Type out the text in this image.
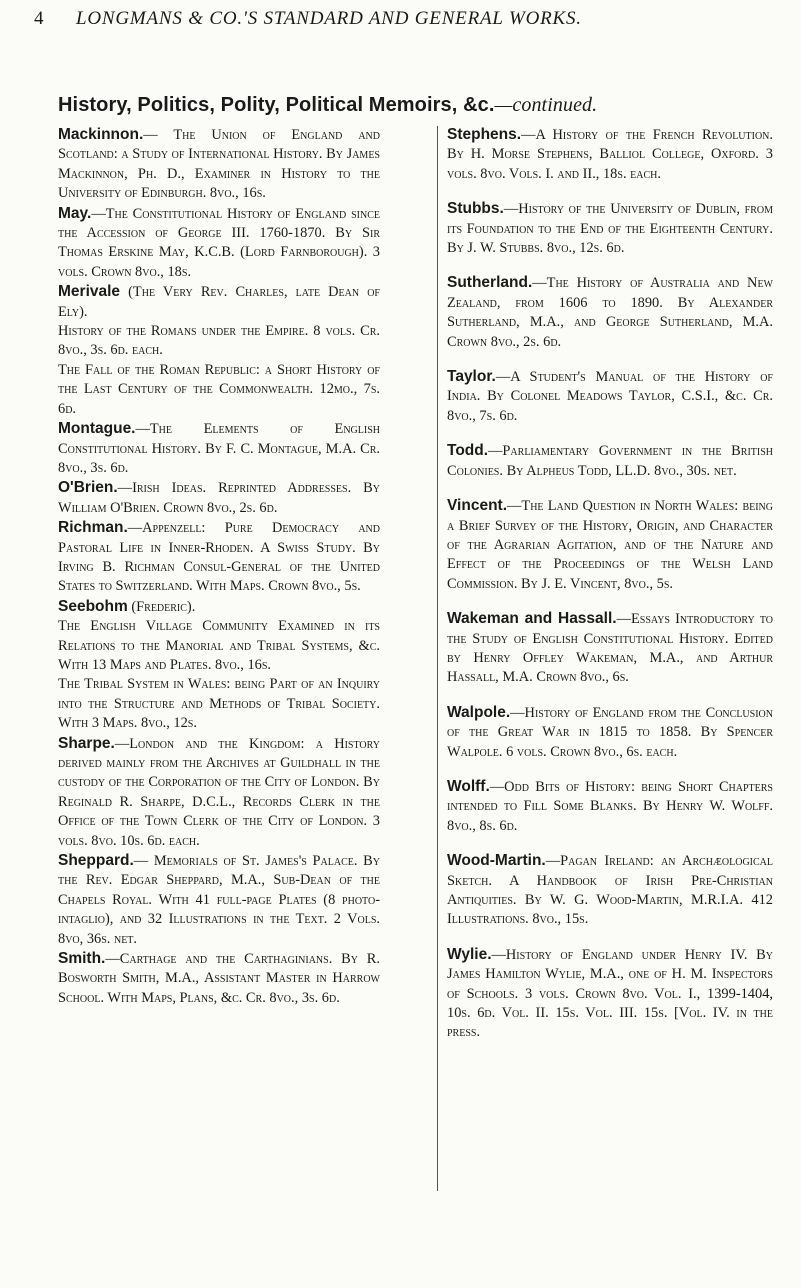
4 LONGMANS & CO.'S STANDARD AND GENERAL WORKS.
History, Politics, Polity, Political Memoirs, &c.—continued.

Mackinnon.— The Union of England and Scotland: a Study of International History. By James Mackinnon, Ph. D., Examiner in History to the University of Edinburgh. 8vo., 16s.

May.—The Constitutional History of England since the Accession of George III. 1760-1870. By Sir Thomas Erskine May, K.C.B. (Lord Farnborough). 3 vols. Crown 8vo., 18s.

Merivale (The Very Rev. Charles, late Dean of Ely).

History of the Romans under the Empire. 8 vols. Cr. 8vo., 3s. 6d. each.

The Fall of the Roman Republic: a Short History of the Last Century of the Commonwealth. 12mo., 7s. 6d.

Montague.—The Elements of English Constitutional History. By F. C. Montague, M.A. Cr. 8vo., 3s. 6d.

O'Brien.—Irish Ideas. Reprinted Addresses. By William O'Brien. Crown 8vo., 2s. 6d.

Richman.—Appenzell: Pure Democracy and Pastoral Life in Inner-Rhoden. A Swiss Study. By Irving B. Richman Consul-General of the United States to Switzerland. With Maps. Crown 8vo., 5s.

Seebohm (Frederic).

The English Village Community Examined in its Relations to the Manorial and Tribal Systems, &c. With 13 Maps and Plates. 8vo., 16s.

The Tribal System in Wales: being Part of an Inquiry into the Structure and Methods of Tribal Society. With 3 Maps. 8vo., 12s.

Sharpe.—London and the Kingdom: a History derived mainly from the Archives at Guildhall in the custody of the Corporation of the City of London. By Reginald R. Sharpe, D.C.L., Records Clerk in the Office of the Town Clerk of the City of London. 3 vols. 8vo. 10s. 6d. each.

Sheppard.— Memorials of St. James's Palace. By the Rev. Edgar Sheppard, M.A., Sub-Dean of the Chapels Royal. With 41 full-page Plates (8 photo-intaglio), and 32 Illustrations in the Text. 2 Vols. 8vo, 36s. net.

Smith.—Carthage and the Carthaginians. By R. Bosworth Smith, M.A., Assistant Master in Harrow School. With Maps, Plans, &c. Cr. 8vo., 3s. 6d.

Stephens.—A History of the French Revolution. By H. Morse Stephens, Balliol College, Oxford. 3 vols. 8vo. Vols. I. and II., 18s. each.

Stubbs.—History of the University of Dublin, from its Foundation to the End of the Eighteenth Century. By J. W. Stubbs. 8vo., 12s. 6d.

Sutherland.—The History of Australia and New Zealand, from 1606 to 1890. By Alexander Sutherland, M.A., and George Sutherland, M.A. Crown 8vo., 2s. 6d.

Taylor.—A Student's Manual of the History of India. By Colonel Meadows Taylor, C.S.I., &c. Cr. 8vo., 7s. 6d.

Todd.—Parliamentary Government in the British Colonies. By Alpheus Todd, LL.D. 8vo., 30s. net.

Vincent.—The Land Question in North Wales: being a Brief Survey of the History, Origin, and Character of the Agrarian Agitation, and of the Nature and Effect of the Proceedings of the Welsh Land Commission. By J. E. Vincent, 8vo., 5s.

Wakeman and Hassall.—Essays Introductory to the Study of English Constitutional History. Edited by Henry Offley Wakeman, M.A., and Arthur Hassall, M.A. Crown 8vo., 6s.

Walpole.—History of England from the Conclusion of the Great War in 1815 to 1858. By Spencer Walpole. 6 vols. Crown 8vo., 6s. each.

Wolff.—Odd Bits of History: being Short Chapters intended to Fill Some Blanks. By Henry W. Wolff. 8vo., 8s. 6d.

Wood-Martin.—Pagan Ireland: an Archæological Sketch. A Handbook of Irish Pre-Christian Antiquities. By W. G. Wood-Martin, M.R.I.A. 412 Illustrations. 8vo., 15s.

Wylie.—History of England under Henry IV. By James Hamilton Wylie, M.A., one of H. M. Inspectors of Schools. 3 vols. Crown 8vo. Vol. I., 1399-1404, 10s. 6d. Vol. II. 15s. Vol. III. 15s. [Vol. IV. in the press.
